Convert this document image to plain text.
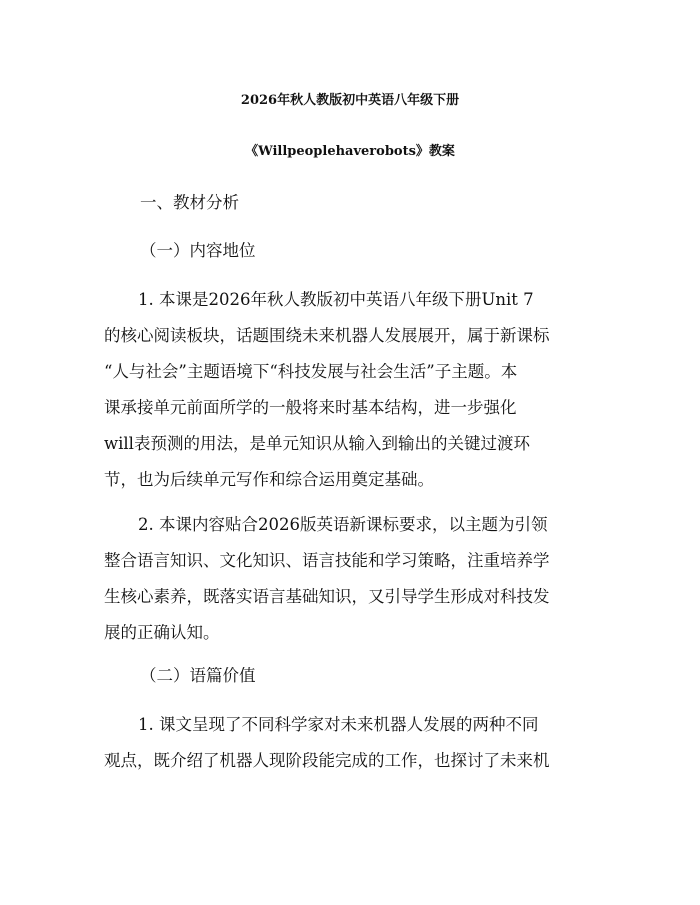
2026年秋人教版初中英语八年级下册
《Willpeoplehaverobots》教案

一、教材分析

（一）内容地位

1. 本课是2026年秋人教版初中英语八年级下册Unit 7
的核心阅读板块，话题围绕未来机器人发展展开，属于新课标
“人与社会”主题语境下“科技发展与社会生活”子主题。本
课承接单元前面所学的一般将来时基本结构，进一步强化
will表预测的用法，是单元知识从输入到输出的关键过渡环
节，也为后续单元写作和综合运用奠定基础。
2. 本课内容贴合2026版英语新课标要求，以主题为引领
整合语言知识、文化知识、语言技能和学习策略，注重培养学
生核心素养，既落实语言基础知识，又引导学生形成对科技发
展的正确认知。

（二）语篇价值

1. 课文呈现了不同科学家对未来机器人发展的两种不同
观点，既介绍了机器人现阶段能完成的工作，也探讨了未来机
